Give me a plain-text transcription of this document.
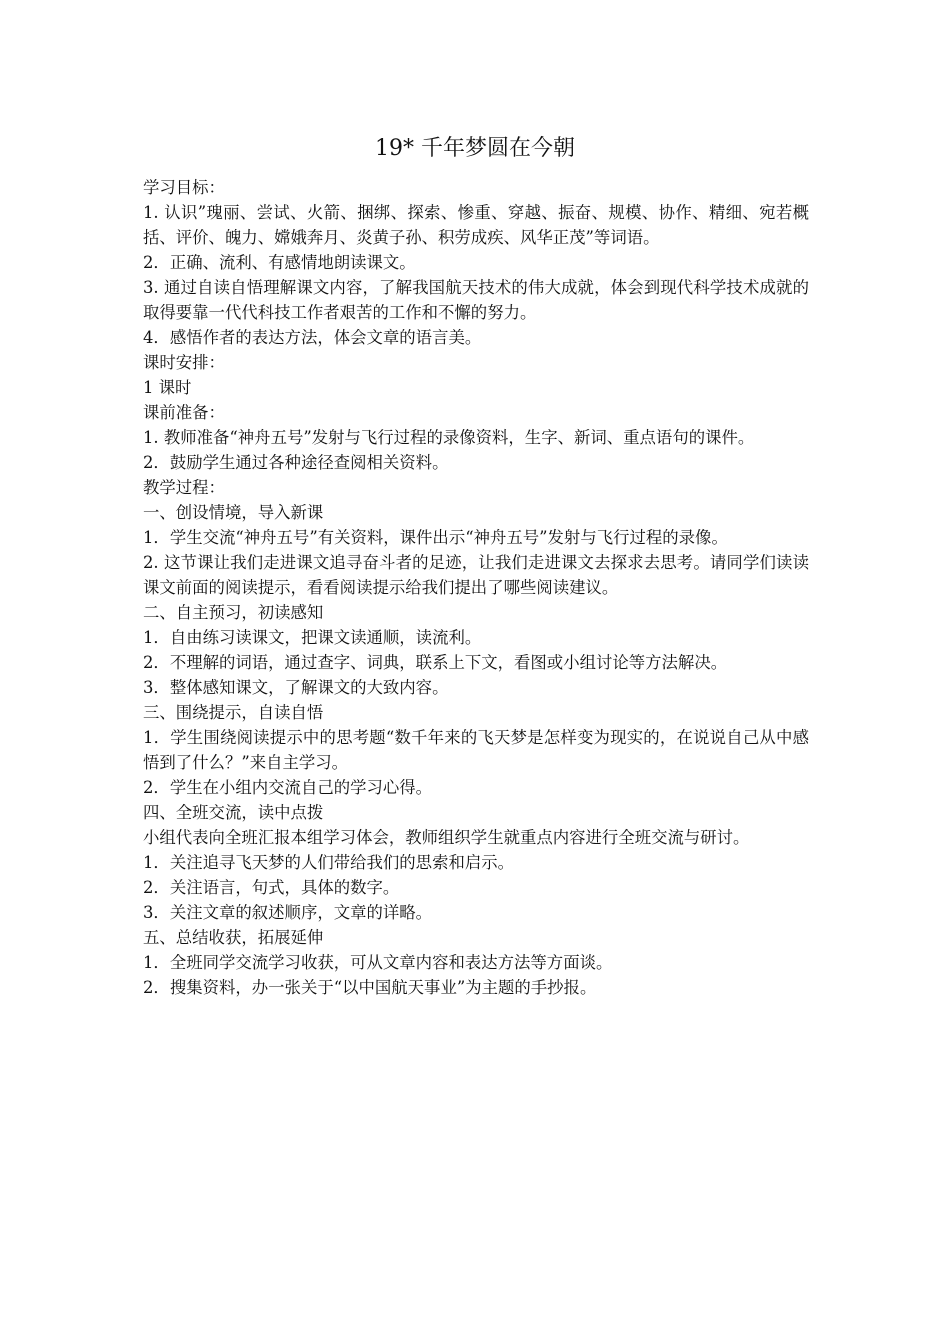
19* 千年梦圆在今朝

学习目标：

1. 认识”瑰丽、尝试、火箭、捆绑、探索、惨重、穿越、振奋、规模、协作、精细、宛若概括、评价、魄力、嫦娥奔月、炎黄子孙、积劳成疾、风华正茂”等词语。

2．正确、流利、有感情地朗读课文。

3. 通过自读自悟理解课文内容，了解我国航天技术的伟大成就，体会到现代科学技术成就的取得要靠一代代科技工作者艰苦的工作和不懈的努力。

4．感悟作者的表达方法，体会文章的语言美。

课时安排：

1 课时

课前准备：

1. 教师准备“神舟五号”发射与飞行过程的录像资料，生字、新词、重点语句的课件。

2．鼓励学生通过各种途径查阅相关资料。

教学过程：

一、创设情境，导入新课

1．学生交流“神舟五号”有关资料，课件出示“神舟五号”发射与飞行过程的录像。

2. 这节课让我们走进课文追寻奋斗者的足迹，让我们走进课文去探求去思考。请同学们读读课文前面的阅读提示，看看阅读提示给我们提出了哪些阅读建议。

二、自主预习，初读感知

1．自由练习读课文，把课文读通顺，读流利。

2．不理解的词语，通过查字、词典，联系上下文，看图或小组讨论等方法解决。

3．整体感知课文，了解课文的大致内容。

三、围绕提示，自读自悟

1．学生围绕阅读提示中的思考题“数千年来的飞天梦是怎样变为现实的，在说说自己从中感悟到了什么？”来自主学习。

2．学生在小组内交流自己的学习心得。

四、全班交流，读中点拨

小组代表向全班汇报本组学习体会，教师组织学生就重点内容进行全班交流与研讨。

1．关注追寻飞天梦的人们带给我们的思索和启示。

2．关注语言，句式，具体的数字。

3．关注文章的叙述顺序，文章的详略。

五、总结收获，拓展延伸

1．全班同学交流学习收获，可从文章内容和表达方法等方面谈。

2．搜集资料，办一张关于“以中国航天事业”为主题的手抄报。
